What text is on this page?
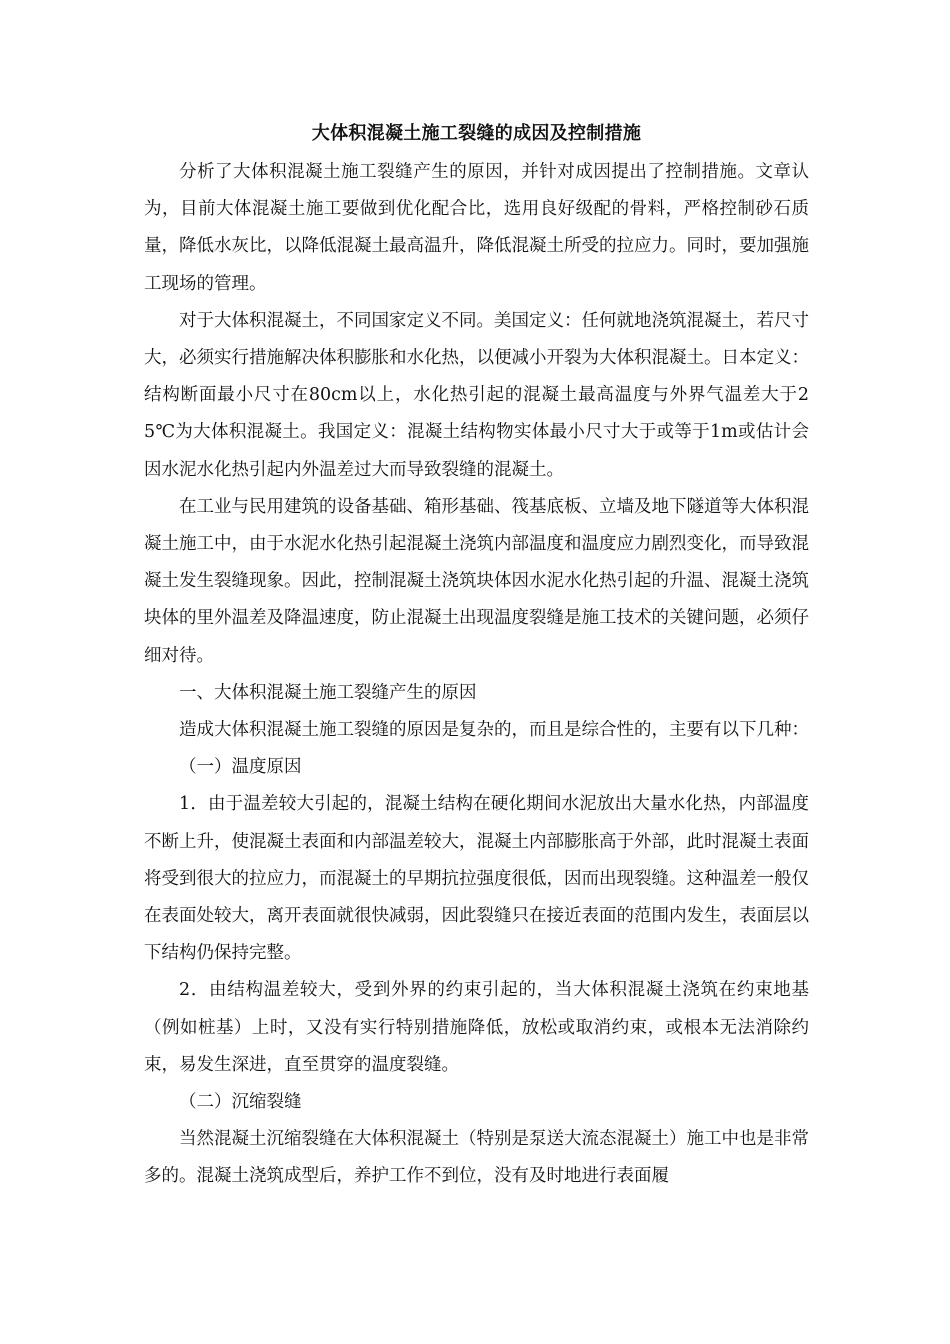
大体积混凝土施工裂缝的成因及控制措施

分析了大体积混凝土施工裂缝产生的原因，并针对成因提出了控制措施。文章认为，目前大体混凝土施工要做到优化配合比，选用良好级配的骨料，严格控制砂石质量，降低水灰比，以降低混凝土最高温升，降低混凝土所受的拉应力。同时，要加强施工现场的管理。

对于大体积混凝土，不同国家定义不同。美国定义：任何就地浇筑混凝土，若尺寸大，必须实行措施解决体积膨胀和水化热，以便减小开裂为大体积混凝土。日本定义：结构断面最小尺寸在80cm以上，水化热引起的混凝土最高温度与外界气温差大于25℃为大体积混凝土。我国定义：混凝土结构物实体最小尺寸大于或等于1m或估计会因水泥水化热引起内外温差过大而导致裂缝的混凝土。

在工业与民用建筑的设备基础、箱形基础、筏基底板、立墙及地下隧道等大体积混凝土施工中，由于水泥水化热引起混凝土浇筑内部温度和温度应力剧烈变化，而导致混凝土发生裂缝现象。因此，控制混凝土浇筑块体因水泥水化热引起的升温、混凝土浇筑块体的里外温差及降温速度，防止混凝土出现温度裂缝是施工技术的关键问题，必须仔细对待。

一、大体积混凝土施工裂缝产生的原因

造成大体积混凝土施工裂缝的原因是复杂的，而且是综合性的，主要有以下几种：

（一）温度原因

1．由于温差较大引起的，混凝土结构在硬化期间水泥放出大量水化热，内部温度不断上升，使混凝土表面和内部温差较大，混凝土内部膨胀高于外部，此时混凝土表面将受到很大的拉应力，而混凝土的早期抗拉强度很低，因而出现裂缝。这种温差一般仅在表面处较大，离开表面就很快减弱，因此裂缝只在接近表面的范围内发生，表面层以下结构仍保持完整。

2．由结构温差较大，受到外界的约束引起的，当大体积混凝土浇筑在约束地基（例如桩基）上时，又没有实行特别措施降低，放松或取消约束，或根本无法消除约束，易发生深进，直至贯穿的温度裂缝。

（二）沉缩裂缝

当然混凝土沉缩裂缝在大体积混凝土（特别是泵送大流态混凝土）施工中也是非常多的。混凝土浇筑成型后，养护工作不到位，没有及时地进行表面履
